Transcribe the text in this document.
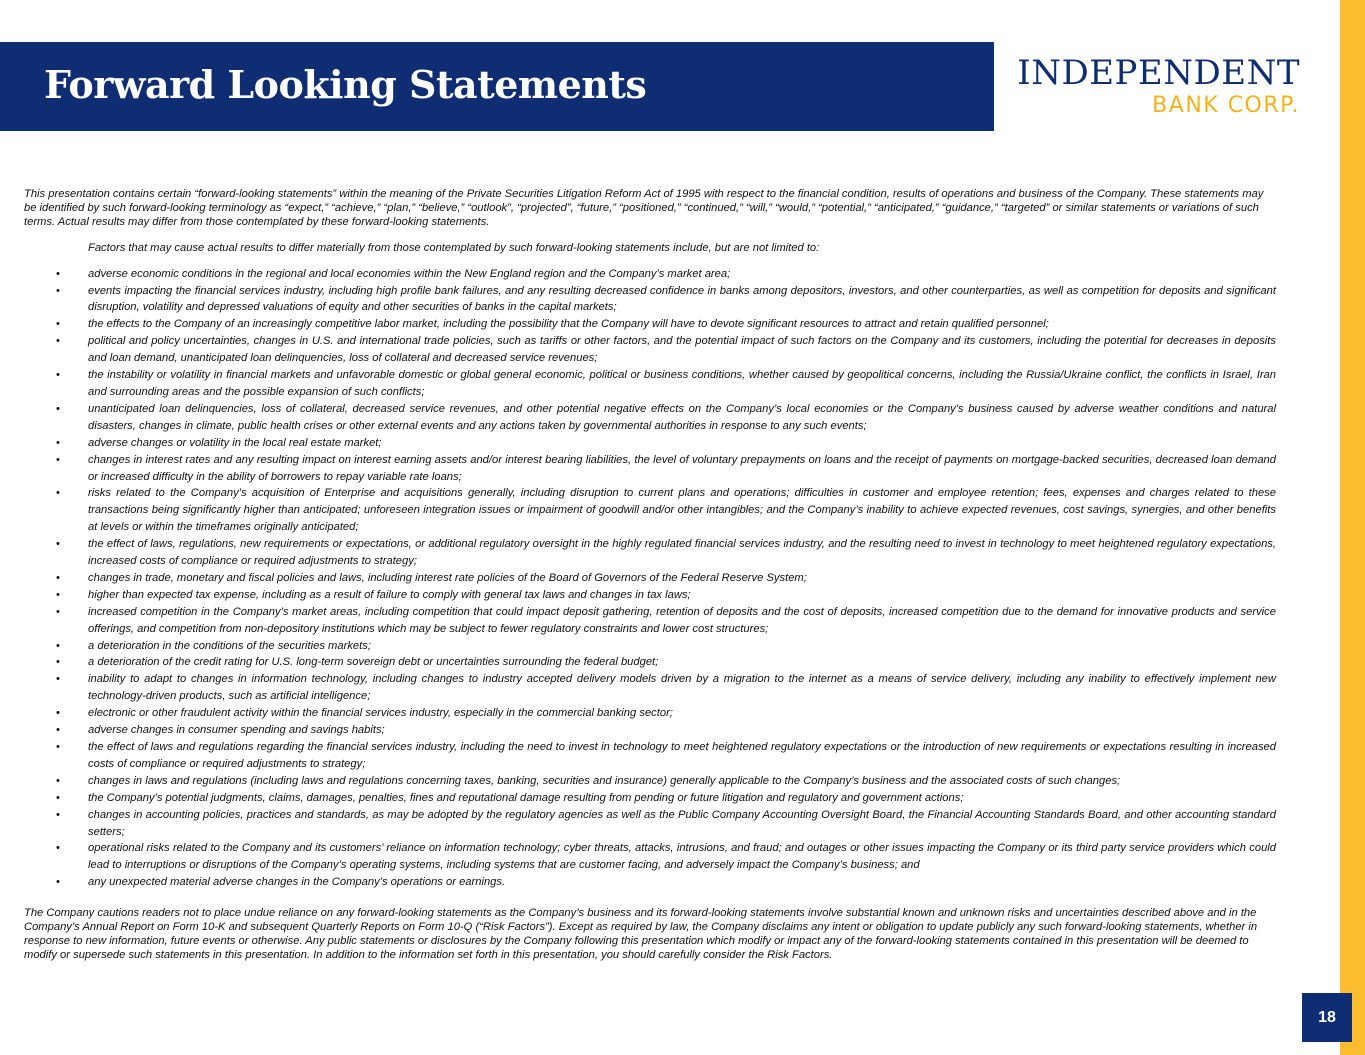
Forward Looking Statements	INDEPENDENT
BANK CORP.

This presentation contains certain “forward-looking statements” within the meaning of the Private Securities Litigation Reform Act of 1995 with respect to the financial condition, results of operations and business of the Company. These statements may be identified by such forward-looking terminology as “expect,” “achieve,” “plan,” “believe,” “outlook”, “projected”, “future,” “positioned,” “continued,” “will,” “would,” “potential,” “anticipated,” “guidance,” “targeted” or similar statements or variations of such terms. Actual results may differ from those contemplated by these forward-looking statements.

Factors that may cause actual results to differ materially from those contemplated by such forward-looking statements include, but are not limited to:

•	adverse economic conditions in the regional and local economies within the New England region and the Company’s market area;
•	events impacting the financial services industry, including high profile bank failures, and any resulting decreased confidence in banks among depositors, investors, and other counterparties, as well as competition for deposits and significant disruption, volatility and depressed valuations of equity and other securities of banks in the capital markets;
•	the effects to the Company of an increasingly competitive labor market, including the possibility that the Company will have to devote significant resources to attract and retain qualified personnel;
•	political and policy uncertainties, changes in U.S. and international trade policies, such as tariffs or other factors, and the potential impact of such factors on the Company and its customers, including the potential for decreases in deposits and loan demand, unanticipated loan delinquencies, loss of collateral and decreased service revenues;
•	the instability or volatility in financial markets and unfavorable domestic or global general economic, political or business conditions, whether caused by geopolitical concerns, including the Russia/Ukraine conflict, the conflicts in Israel, Iran and surrounding areas and the possible expansion of such conflicts;
•	unanticipated loan delinquencies, loss of collateral, decreased service revenues, and other potential negative effects on the Company’s local economies or the Company's business caused by adverse weather conditions and natural disasters, changes in climate, public health crises or other external events and any actions taken by governmental authorities in response to any such events;
•	adverse changes or volatility in the local real estate market;
•	changes in interest rates and any resulting impact on interest earning assets and/or interest bearing liabilities, the level of voluntary prepayments on loans and the receipt of payments on mortgage-backed securities, decreased loan demand or increased difficulty in the ability of borrowers to repay variable rate loans;
•	risks related to the Company’s acquisition of Enterprise and acquisitions generally, including disruption to current plans and operations; difficulties in customer and employee retention; fees, expenses and charges related to these transactions being significantly higher than anticipated; unforeseen integration issues or impairment of goodwill and/or other intangibles; and the Company’s inability to achieve expected revenues, cost savings, synergies, and other benefits at levels or within the timeframes originally anticipated;
•	the effect of laws, regulations, new requirements or expectations, or additional regulatory oversight in the highly regulated financial services industry, and the resulting need to invest in technology to meet heightened regulatory expectations, increased costs of compliance or required adjustments to strategy;
•	changes in trade, monetary and fiscal policies and laws, including interest rate policies of the Board of Governors of the Federal Reserve System;
•	higher than expected tax expense, including as a result of failure to comply with general tax laws and changes in tax laws;
•	increased competition in the Company’s market areas, including competition that could impact deposit gathering, retention of deposits and the cost of deposits, increased competition due to the demand for innovative products and service offerings, and competition from non-depository institutions which may be subject to fewer regulatory constraints and lower cost structures;
•	a deterioration in the conditions of the securities markets;
•	a deterioration of the credit rating for U.S. long-term sovereign debt or uncertainties surrounding the federal budget;
•	inability to adapt to changes in information technology, including changes to industry accepted delivery models driven by a migration to the internet as a means of service delivery, including any inability to effectively implement new technology-driven products, such as artificial intelligence;
•	electronic or other fraudulent activity within the financial services industry, especially in the commercial banking sector;
•	adverse changes in consumer spending and savings habits;
•	the effect of laws and regulations regarding the financial services industry, including the need to invest in technology to meet heightened regulatory expectations or the introduction of new requirements or expectations resulting in increased costs of compliance or required adjustments to strategy;
•	changes in laws and regulations (including laws and regulations concerning taxes, banking, securities and insurance) generally applicable to the Company’s business and the associated costs of such changes;
•	the Company’s potential judgments, claims, damages, penalties, fines and reputational damage resulting from pending or future litigation and regulatory and government actions;
•	changes in accounting policies, practices and standards, as may be adopted by the regulatory agencies as well as the Public Company Accounting Oversight Board, the Financial Accounting Standards Board, and other accounting standard setters;
•	operational risks related to the Company and its customers’ reliance on information technology; cyber threats, attacks, intrusions, and fraud; and outages or other issues impacting the Company or its third party service providers which could lead to interruptions or disruptions of the Company’s operating systems, including systems that are customer facing, and adversely impact the Company’s business; and
•	any unexpected material adverse changes in the Company’s operations or earnings.

The Company cautions readers not to place undue reliance on any forward-looking statements as the Company’s business and its forward-looking statements involve substantial known and unknown risks and uncertainties described above and in the Company’s Annual Report on Form 10-K and subsequent Quarterly Reports on Form 10-Q (“Risk Factors”). Except as required by law, the Company disclaims any intent or obligation to update publicly any such forward-looking statements, whether in response to new information, future events or otherwise. Any public statements or disclosures by the Company following this presentation which modify or impact any of the forward-looking statements contained in this presentation will be deemed to modify or supersede such statements in this presentation. In addition to the information set forth in this presentation, you should carefully consider the Risk Factors.

18
